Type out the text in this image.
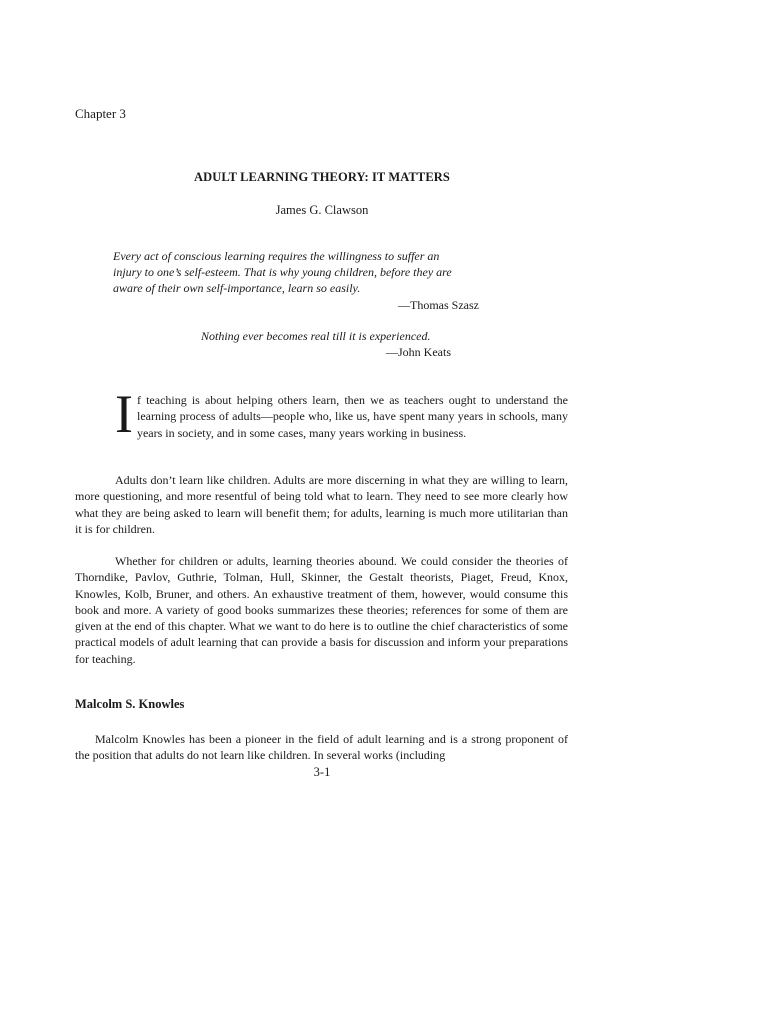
Chapter 3
ADULT LEARNING THEORY: IT MATTERS
James G. Clawson
Every act of conscious learning requires the willingness to suffer an
injury to one’s self-esteem. That is why young children, before they are
aware of their own self-importance, learn so easily.
—Thomas Szasz
Nothing ever becomes real till it is experienced.
—John Keats
If teaching is about helping others learn, then we as teachers ought to understand the learning process of adults—people who, like us, have spent many years in schools, many years in society, and in some cases, many years working in business.
Adults don’t learn like children. Adults are more discerning in what they are willing to learn, more questioning, and more resentful of being told what to learn. They need to see more clearly how what they are being asked to learn will benefit them; for adults, learning is much more utilitarian than it is for children.
Whether for children or adults, learning theories abound. We could consider the theories of Thorndike, Pavlov, Guthrie, Tolman, Hull, Skinner, the Gestalt theorists, Piaget, Freud, Knox, Knowles, Kolb, Bruner, and others. An exhaustive treatment of them, however, would consume this book and more. A variety of good books summarizes these theories; references for some of them are given at the end of this chapter. What we want to do here is to outline the chief characteristics of some practical models of adult learning that can provide a basis for discussion and inform your preparations for teaching.
Malcolm S. Knowles
Malcolm Knowles has been a pioneer in the field of adult learning and is a strong proponent of the position that adults do not learn like children. In several works (including
3-1
